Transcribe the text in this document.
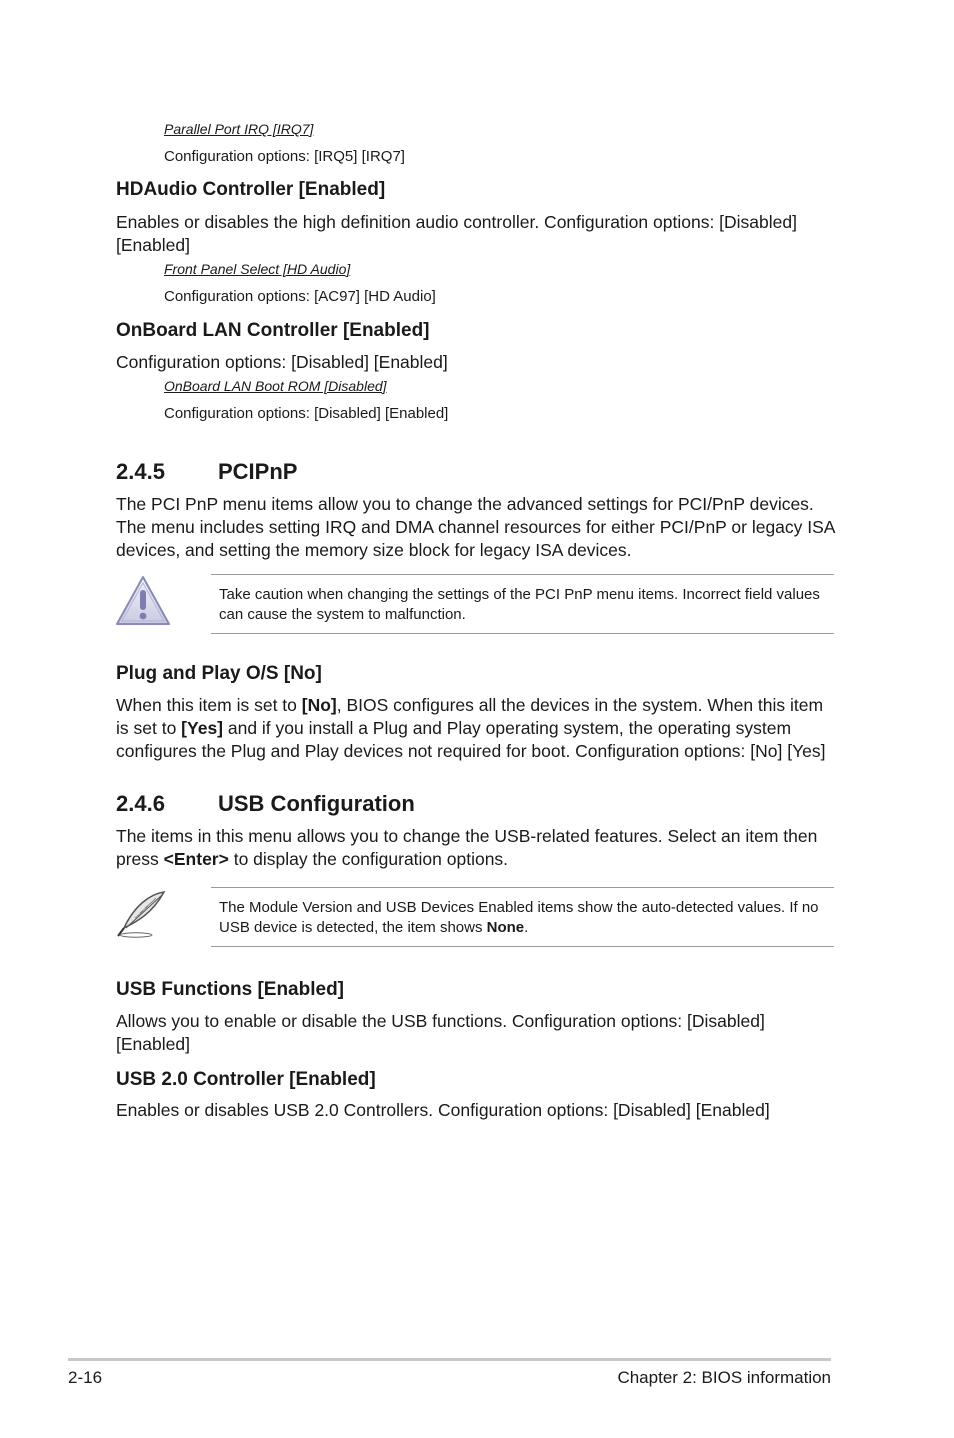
Parallel Port IRQ [IRQ7]
Configuration options: [IRQ5] [IRQ7]
HDAudio Controller [Enabled]
Enables or disables the high definition audio controller. Configuration options: [Disabled] [Enabled]
Front Panel Select [HD Audio]
Configuration options: [AC97] [HD Audio]
OnBoard LAN Controller [Enabled]
Configuration options: [Disabled] [Enabled]
OnBoard LAN Boot ROM [Disabled]
Configuration options: [Disabled] [Enabled]
2.4.5 PCIPnP
The PCI PnP menu items allow you to change the advanced settings for PCI/PnP devices. The menu includes setting IRQ and DMA channel resources for either PCI/PnP or legacy ISA devices, and setting the memory size block for legacy ISA devices.
Take caution when changing the settings of the PCI PnP menu items. Incorrect field values can cause the system to malfunction.
Plug and Play O/S [No]
When this item is set to [No], BIOS configures all the devices in the system. When this item is set to [Yes] and if you install a Plug and Play operating system, the operating system configures the Plug and Play devices not required for boot. Configuration options: [No] [Yes]
2.4.6 USB Configuration
The items in this menu allows you to change the USB-related features. Select an item then press <Enter> to display the configuration options.
The Module Version and USB Devices Enabled items show the auto-detected values. If no USB device is detected, the item shows None.
USB Functions [Enabled]
Allows you to enable or disable the USB functions. Configuration options: [Disabled] [Enabled]
USB 2.0 Controller [Enabled]
Enables or disables USB 2.0 Controllers. Configuration options: [Disabled] [Enabled]
2-16	Chapter 2: BIOS information
